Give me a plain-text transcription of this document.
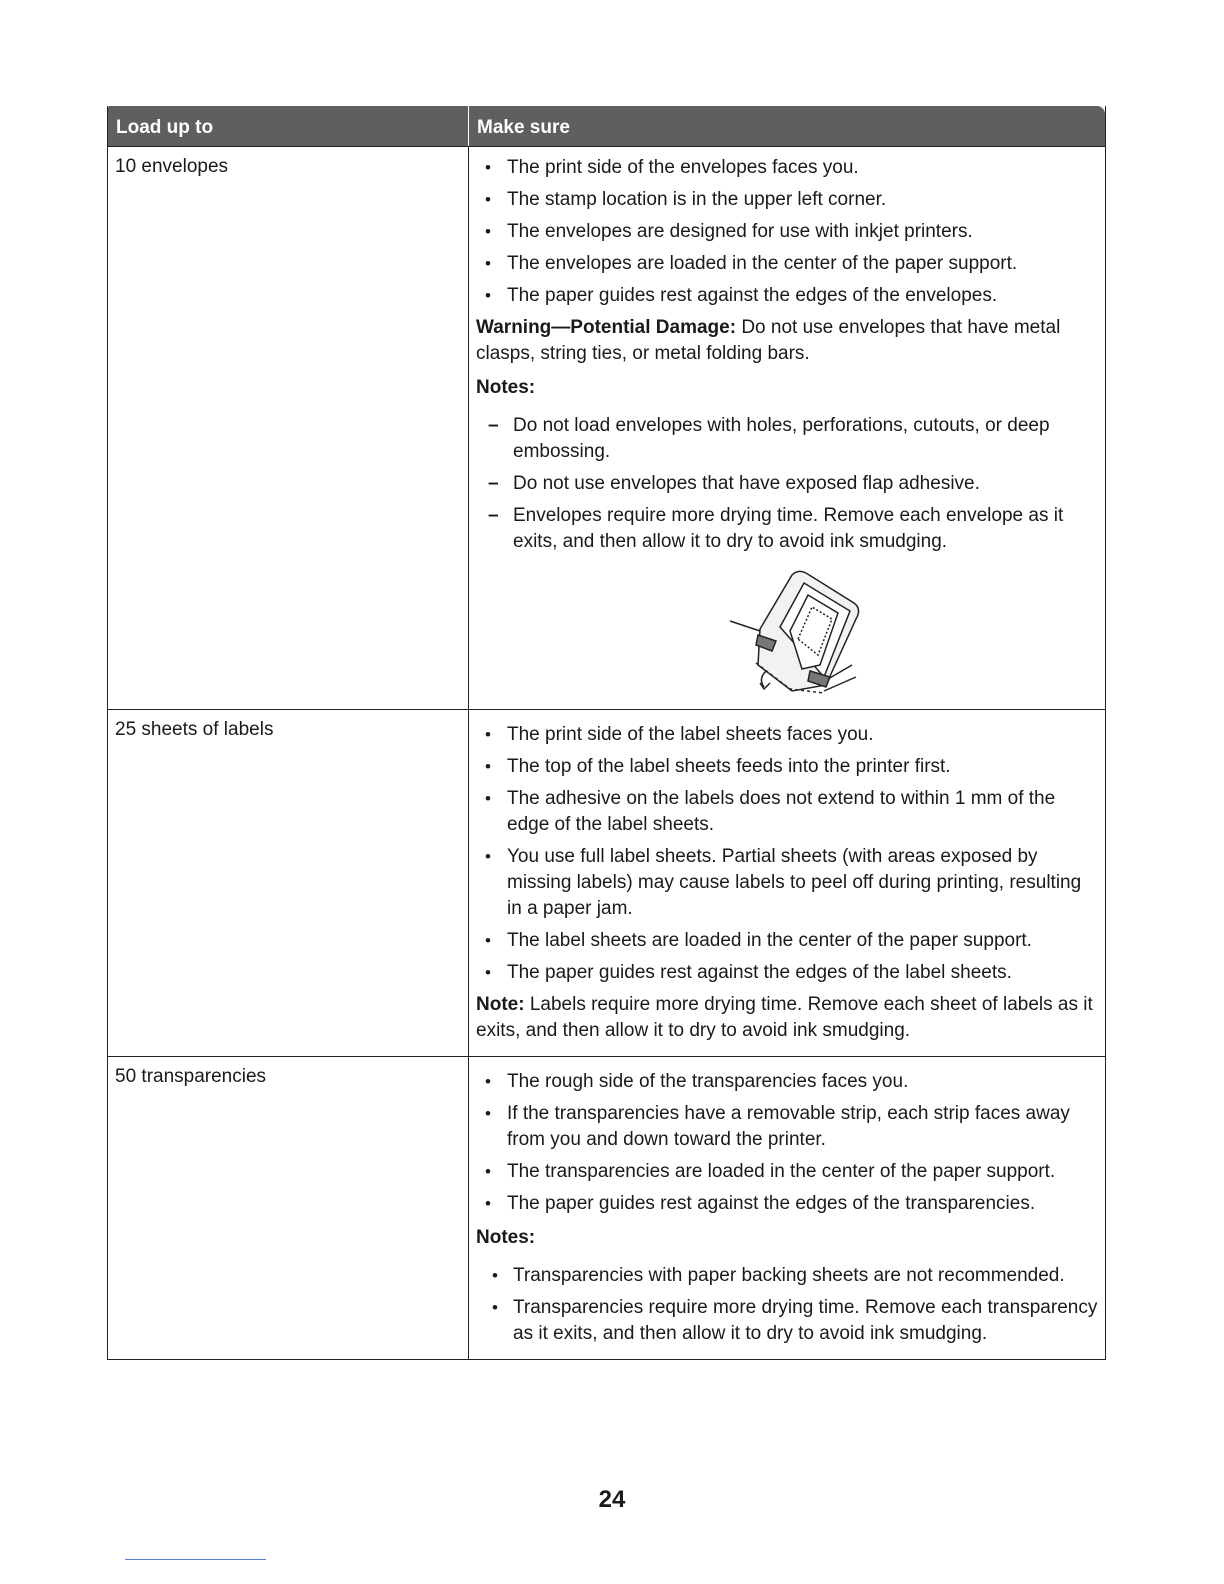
Load up to	Make sure
10 envelopes	• The print side of the envelopes faces you.
• The stamp location is in the upper left corner.
• The envelopes are designed for use with inkjet printers.
• The envelopes are loaded in the center of the paper support.
• The paper guides rest against the edges of the envelopes.
Warning—Potential Damage: Do not use envelopes that have metal clasps, string ties, or metal folding bars.
Notes:
– Do not load envelopes with holes, perforations, cutouts, or deep embossing.
– Do not use envelopes that have exposed flap adhesive.
– Envelopes require more drying time. Remove each envelope as it exits, and then allow it to dry to avoid ink smudging.
25 sheets of labels	• The print side of the label sheets faces you.
• The top of the label sheets feeds into the printer first.
• The adhesive on the labels does not extend to within 1 mm of the edge of the label sheets.
• You use full label sheets. Partial sheets (with areas exposed by missing labels) may cause labels to peel off during printing, resulting in a paper jam.
• The label sheets are loaded in the center of the paper support.
• The paper guides rest against the edges of the label sheets.
Note: Labels require more drying time. Remove each sheet of labels as it exits, and then allow it to dry to avoid ink smudging.
50 transparencies	• The rough side of the transparencies faces you.
• If the transparencies have a removable strip, each strip faces away from you and down toward the printer.
• The transparencies are loaded in the center of the paper support.
• The paper guides rest against the edges of the transparencies.
Notes:
• Transparencies with paper backing sheets are not recommended.
• Transparencies require more drying time. Remove each transparency as it exits, and then allow it to dry to avoid ink smudging.
24
